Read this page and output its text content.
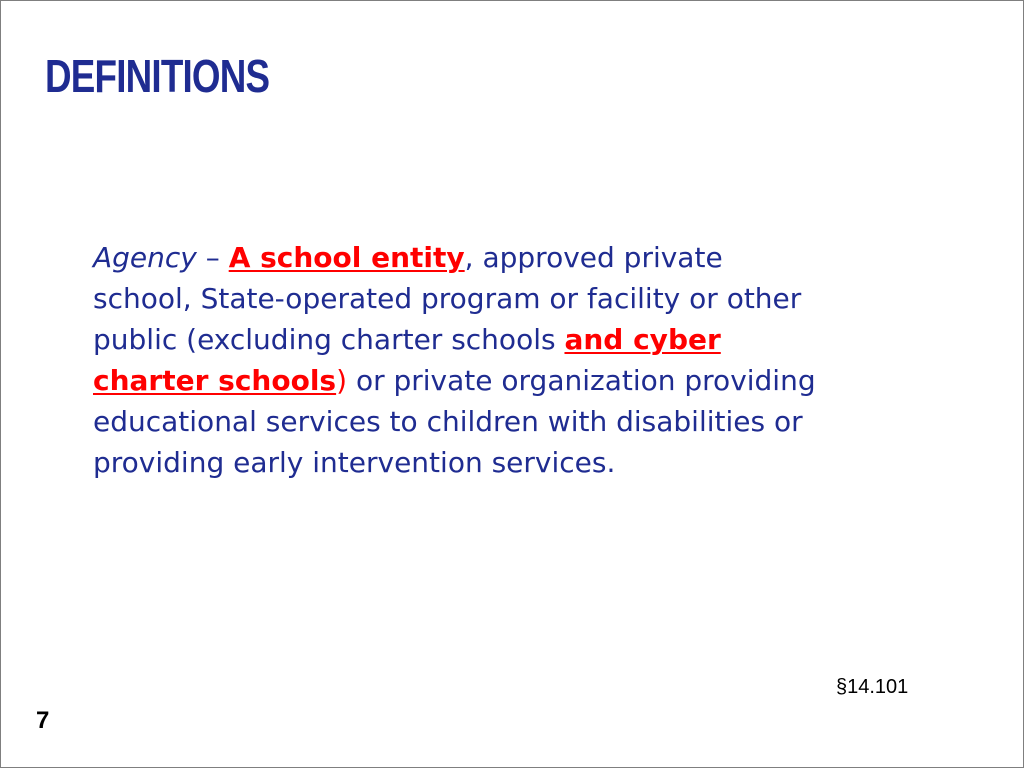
DEFINITIONS

Agency – A school entity, approved private
school, State-operated program or facility or other
public (excluding charter schools and cyber
charter schools) or private organization providing
educational services to children with disabilities or
providing early intervention services.

§14.101

7
